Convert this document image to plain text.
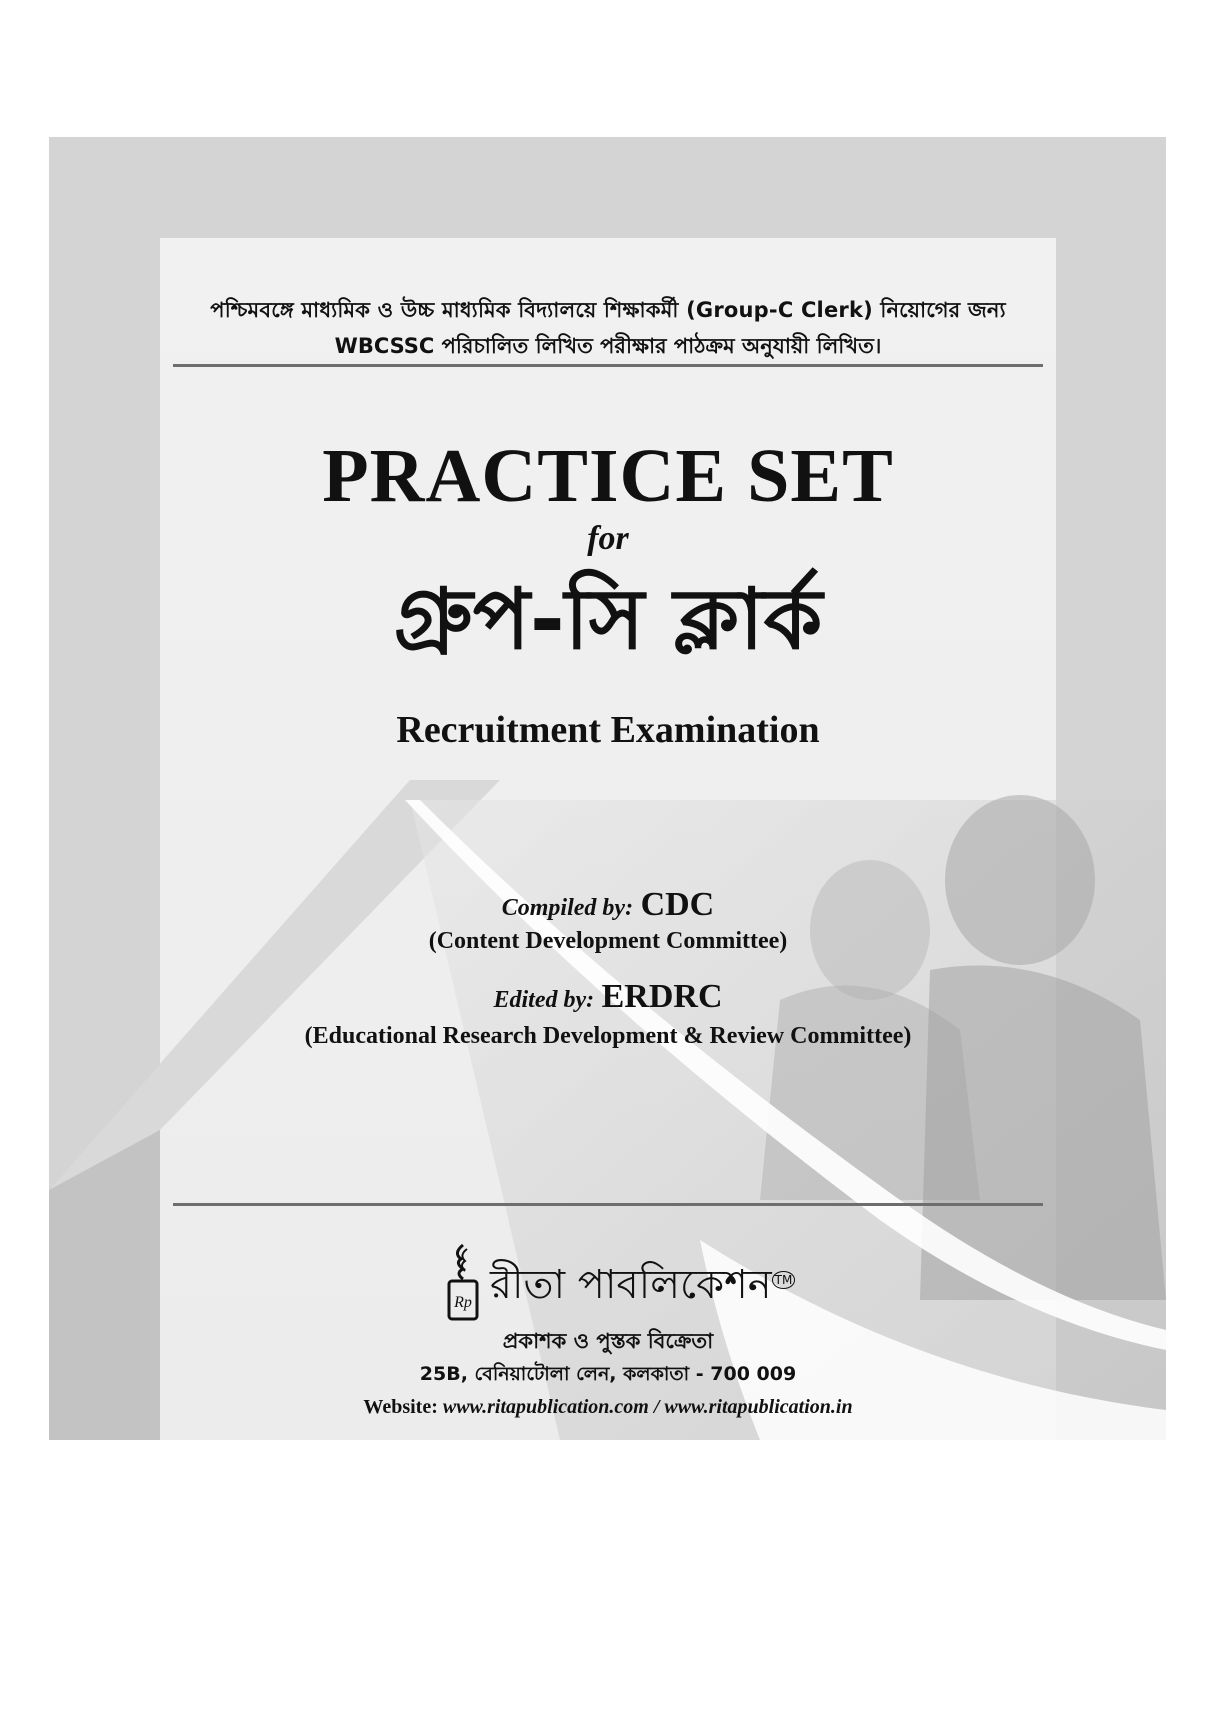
পশ্চিমবঙ্গে মাধ্যমিক ও উচ্চ মাধ্যমিক বিদ্যালয়ে শিক্ষাকর্মী (Group-C Clerk) নিয়োগের জন্য
WBCSSC পরিচালিত লিখিত পরীক্ষার পাঠক্রম অনুযায়ী লিখিত।
PRACTICE SET
for
গ্রুপ-সি ক্লার্ক
Recruitment Examination
Compiled by: CDC
(Content Development Committee)
Edited by: ERDRC
(Educational Research Development & Review Committee)
Rp রীতা পাবলিকেশন ™
প্রকাশক ও পুস্তক বিক্রেতা
25B, বেনিয়াটোলা লেন, কলকাতা - 700 009
Website: www.ritapublication.com / www.ritapublication.in
